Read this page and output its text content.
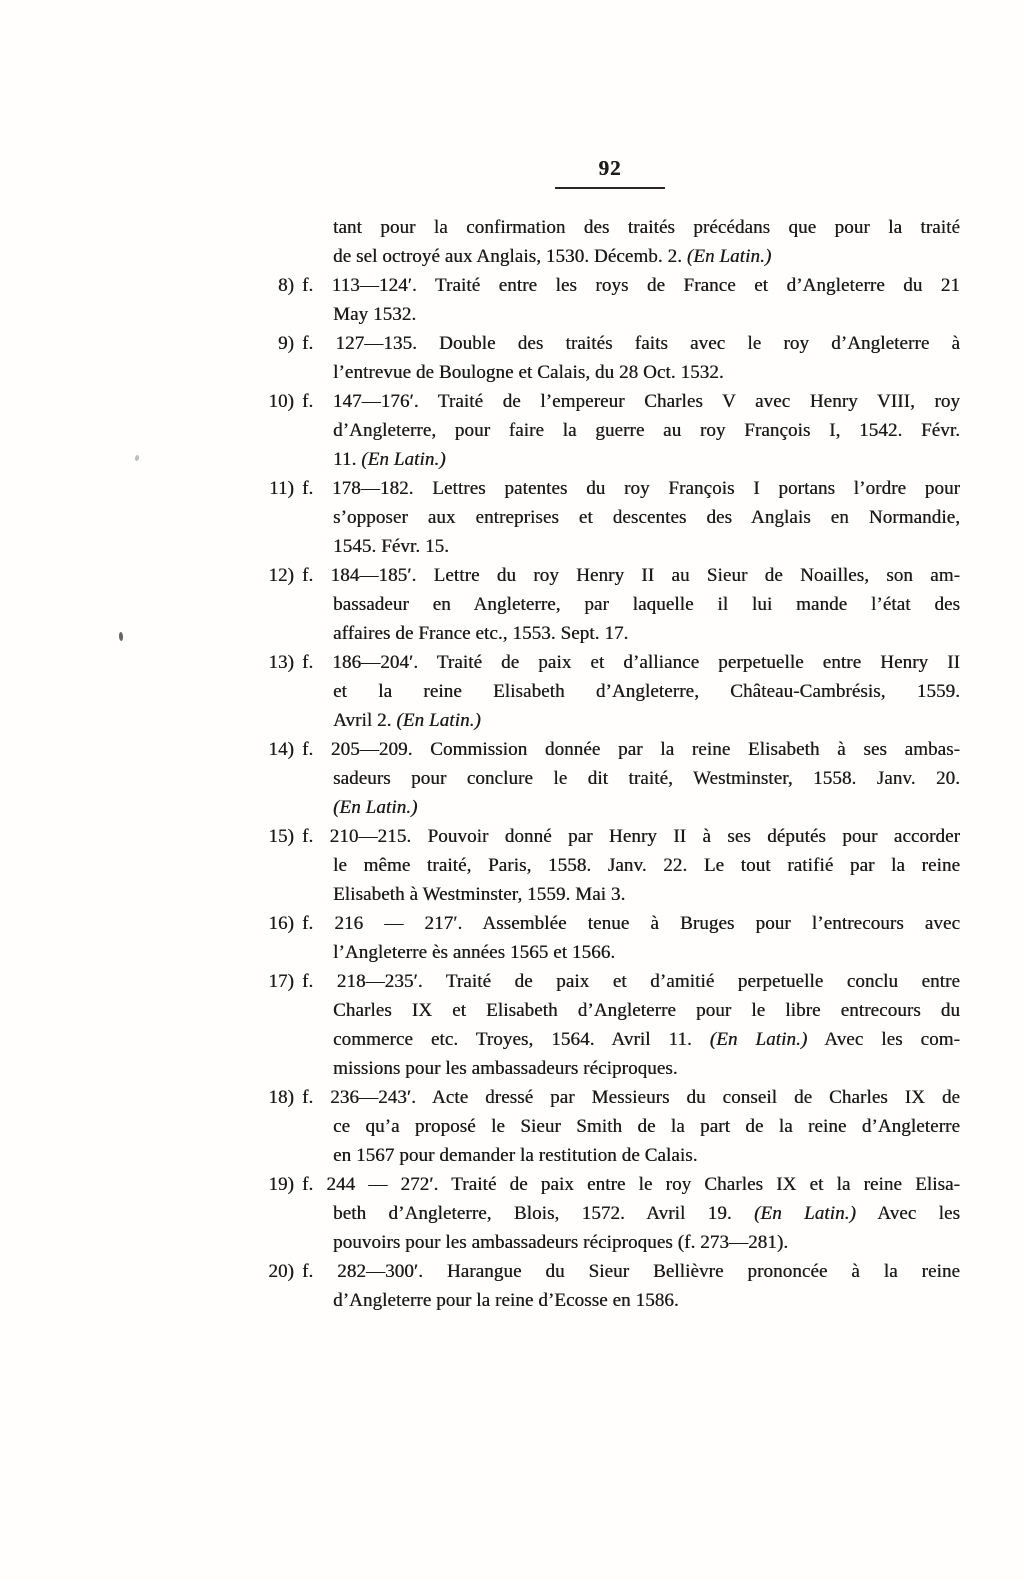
92
tant pour la confirmation des traités précédans que pour la traité
de sel octroyé aux Anglais, 1530. Décemb. 2. (En Latin.)
8) f. 113—124′. Traité entre les roys de France et d’Angleterre du 21
May 1532.
9) f. 127—135. Double des traités faits avec le roy d’Angleterre à
l’entrevue de Boulogne et Calais, du 28 Oct. 1532.
10) f. 147—176′. Traité de l’empereur Charles V avec Henry VIII, roy
d’Angleterre, pour faire la guerre au roy François I, 1542. Févr.
11. (En Latin.)
11) f. 178—182. Lettres patentes du roy François I portans l’ordre pour
s’opposer aux entreprises et descentes des Anglais en Normandie,
1545. Févr. 15.
12) f. 184—185′. Lettre du roy Henry II au Sieur de Noailles, son am-
bassadeur en Angleterre, par laquelle il lui mande l’état des
affaires de France etc., 1553. Sept. 17.
13) f. 186—204′. Traité de paix et d’alliance perpetuelle entre Henry II
et la reine Elisabeth d’Angleterre, Château-Cambrésis, 1559.
Avril 2. (En Latin.)
14) f. 205—209. Commission donnée par la reine Elisabeth à ses ambas-
sadeurs pour conclure le dit traité, Westminster, 1558. Janv. 20.
(En Latin.)
15) f. 210—215. Pouvoir donné par Henry II à ses députés pour accorder
le même traité, Paris, 1558. Janv. 22. Le tout ratifié par la reine
Elisabeth à Westminster, 1559. Mai 3.
16) f. 216 — 217′. Assemblée tenue à Bruges pour l’entrecours avec
l’Angleterre ès années 1565 et 1566.
17) f. 218—235′. Traité de paix et d’amitié perpetuelle conclu entre
Charles IX et Elisabeth d’Angleterre pour le libre entrecours du
commerce etc. Troyes, 1564. Avril 11. (En Latin.) Avec les com-
missions pour les ambassadeurs réciproques.
18) f. 236—243′. Acte dressé par Messieurs du conseil de Charles IX de
ce qu’a proposé le Sieur Smith de la part de la reine d’Angleterre
en 1567 pour demander la restitution de Calais.
19) f. 244 — 272′. Traité de paix entre le roy Charles IX et la reine Elisa-
beth d’Angleterre, Blois, 1572. Avril 19. (En Latin.) Avec les
pouvoirs pour les ambassadeurs réciproques (f. 273—281).
20) f. 282—300′. Harangue du Sieur Bellièvre prononcée à la reine
d’Angleterre pour la reine d’Ecosse en 1586.
